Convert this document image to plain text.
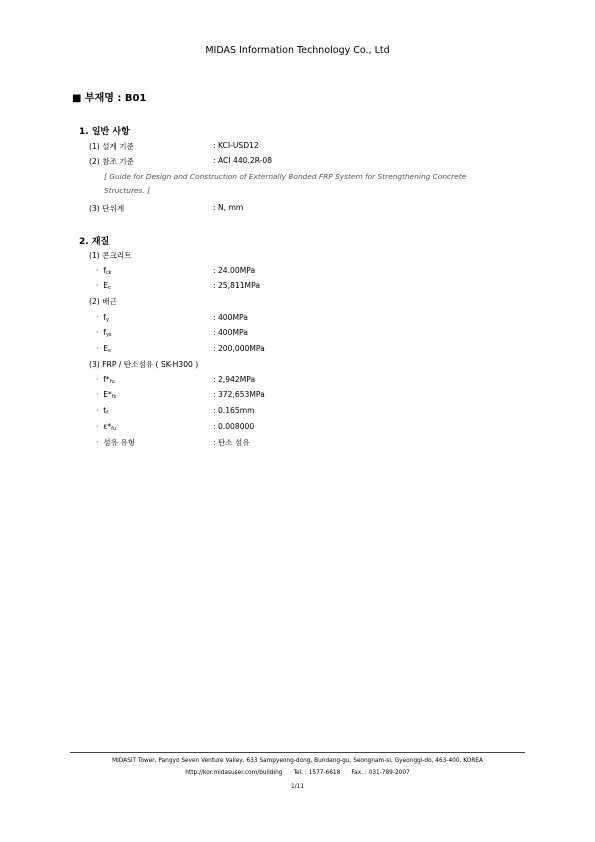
MIDAS Information Technology Co., Ltd
■ 부재명 : B01
1. 일반 사항
(1) 설계 기준	: KCI-USD12
(2) 참조 기준	: ACI 440.2R-08
[ Guide for Design and Construction of Externally Bonded FRP System for Strengthening Concrete
Structures. ]
(3) 단위계	: N, mm
2. 재질
(1) 콘크리트
·  $f_{ck}$	: 24.00MPa
·  $E_c$	: 25,811MPa
(2) 배근
·  $f_y$	: 400MPa
·  $f_{ys}$	: 400MPa
·  $E_s$	: 200,000MPa
(3) FRP / 탄소섬유 ( SK-H300 )
·  $f*_{fu}$	: 2,942MPa
·  $E*_{fs}$	: 372,653MPa
·  $t_f$	: 0.165mm
·  $\varepsilon*_{fu}$	: 0.008000
·  섬유 유형	: 탄소 섬유
MIDASIT Tower, Pangyo Seven Venture Valley, 633 Sampyeong-dong, Bundang-gu, Seongnam-si, Gyeonggi-do, 463-400, KOREA
http://kor.midasuser.com/building      Tel. : 1577-6618      Fax. : 031-789-2007
1/11
